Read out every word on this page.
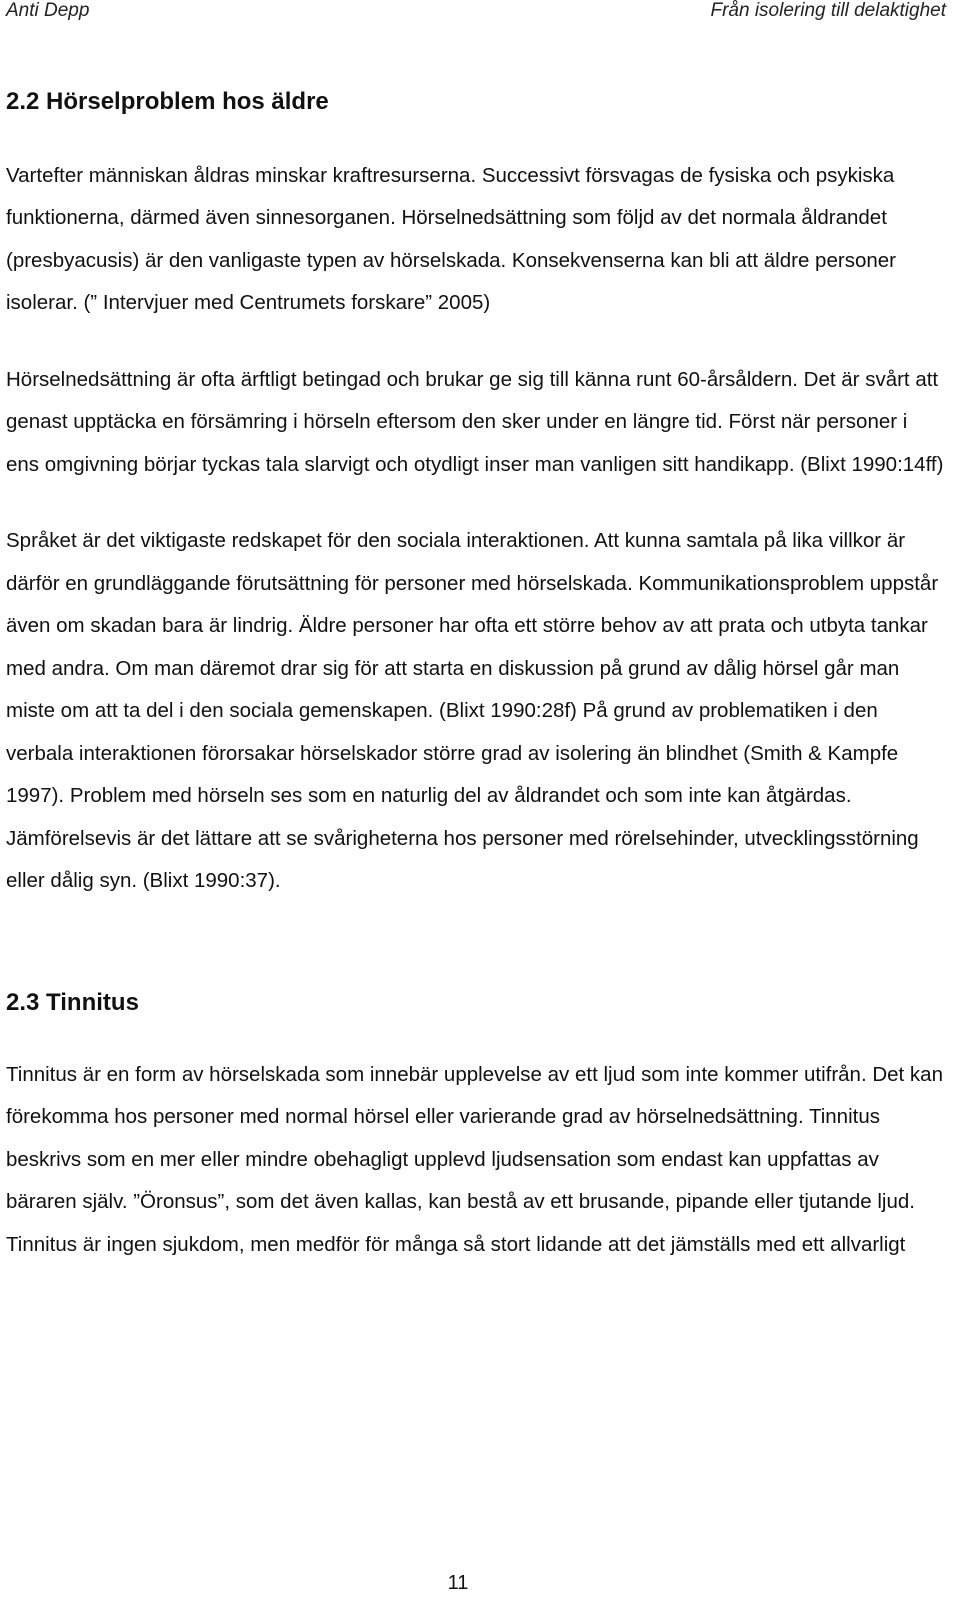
Anti Depp	Från isolering till delaktighet
2.2 Hörselproblem hos äldre

Vartefter människan åldras minskar kraftresurserna. Successivt försvagas de fysiska och psykiska funktionerna, därmed även sinnesorganen. Hörselnedsättning som följd av det normala åldrandet (presbyacusis) är den vanligaste typen av hörselskada. Konsekvenserna kan bli att äldre personer isolerar. (” Intervjuer med Centrumets forskare” 2005)

Hörselnedsättning är ofta ärftligt betingad och brukar ge sig till känna runt 60-årsåldern. Det är svårt att genast upptäcka en försämring i hörseln eftersom den sker under en längre tid. Först när personer i ens omgivning börjar tyckas tala slarvigt och otydligt inser man vanligen sitt handikapp. (Blixt 1990:14ff)

Språket är det viktigaste redskapet för den sociala interaktionen. Att kunna samtala på lika villkor är därför en grundläggande förutsättning för personer med hörselskada. Kommunikationsproblem uppstår även om skadan bara är lindrig. Äldre personer har ofta ett större behov av att prata och utbyta tankar med andra. Om man däremot drar sig för att starta en diskussion på grund av dålig hörsel går man miste om att ta del i den sociala gemenskapen. (Blixt 1990:28f) På grund av problematiken i den verbala interaktionen förorsakar hörselskador större grad av isolering än blindhet (Smith & Kampfe 1997). Problem med hörseln ses som en naturlig del av åldrandet och som inte kan åtgärdas. Jämförelsevis är det lättare att se svårigheterna hos personer med rörelsehinder, utvecklingsstörning eller dålig syn. (Blixt 1990:37).

2.3 Tinnitus

Tinnitus är en form av hörselskada som innebär upplevelse av ett ljud som inte kommer utifrån. Det kan förekomma hos personer med normal hörsel eller varierande grad av hörselnedsättning. Tinnitus beskrivs som en mer eller mindre obehagligt upplevd ljudsensation som endast kan uppfattas av bäraren själv. ”Öronsus”, som det även kallas, kan bestå av ett brusande, pipande eller tjutande ljud. Tinnitus är ingen sjukdom, men medför för många så stort lidande att det jämställs med ett allvarligt

11
